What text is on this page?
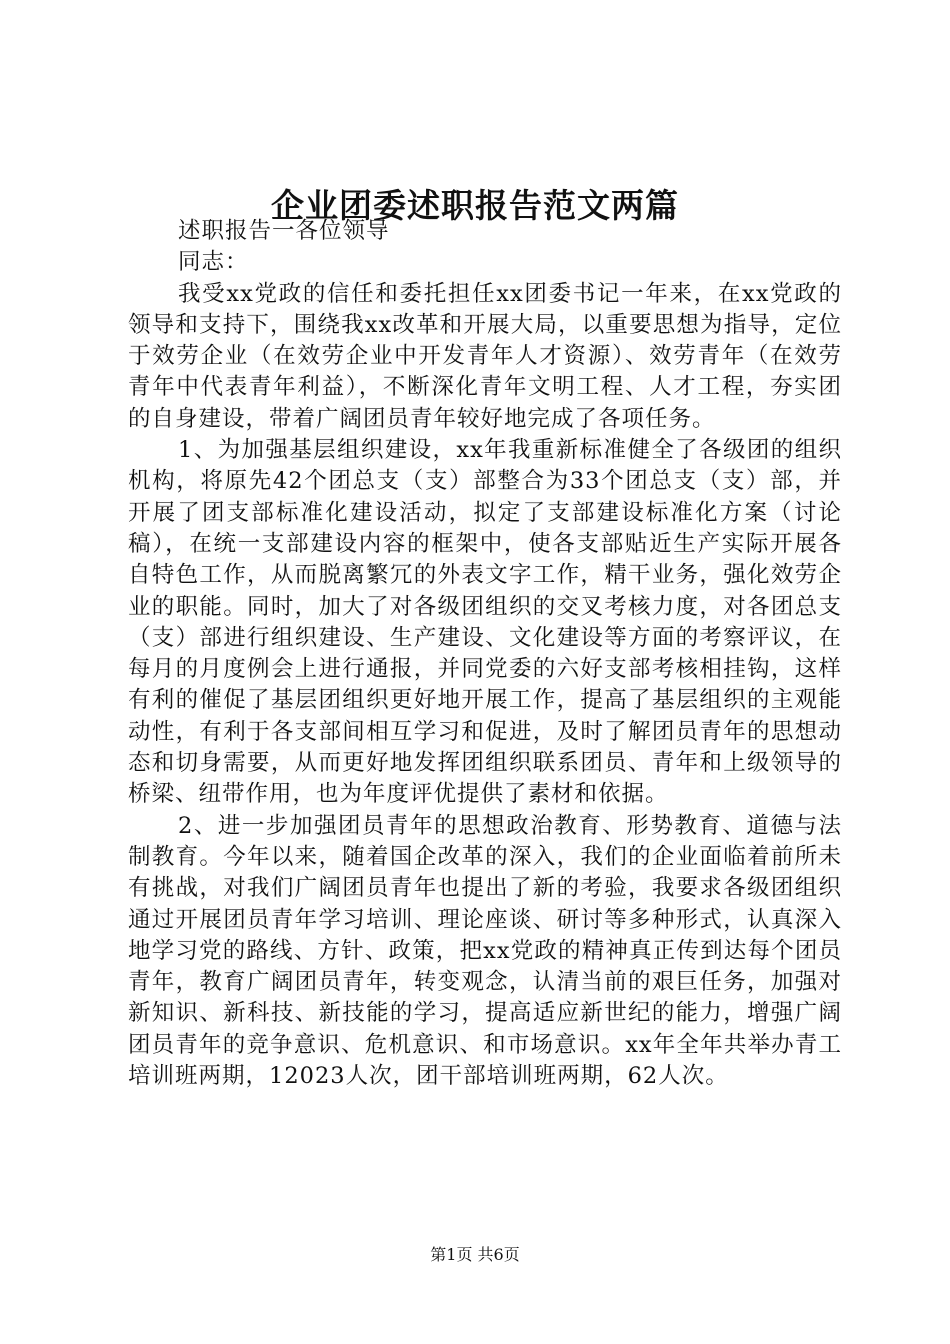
企业团委述职报告范文两篇
述职报告一各位领导
同志：

我受xx党政的信任和委托担任xx团委书记一年来，在xx党政的领导和支持下，围绕我xx改革和开展大局，以重要思想为指导，定位于效劳企业（在效劳企业中开发青年人才资源）、效劳青年（在效劳青年中代表青年利益），不断深化青年文明工程、人才工程，夯实团的自身建设，带着广阔团员青年较好地完成了各项任务。

1、为加强基层组织建设，xx年我重新标准健全了各级团的组织机构，将原先42个团总支（支）部整合为33个团总支（支）部，并开展了团支部标准化建设活动，拟定了支部建设标准化方案（讨论稿），在统一支部建设内容的框架中，使各支部贴近生产实际开展各自特色工作，从而脱离繁冗的外表文字工作，精干业务，强化效劳企业的职能。同时，加大了对各级团组织的交叉考核力度，对各团总支（支）部进行组织建设、生产建设、文化建设等方面的考察评议，在每月的月度例会上进行通报，并同党委的六好支部考核相挂钩，这样有利的催促了基层团组织更好地开展工作，提高了基层组织的主观能动性，有利于各支部间相互学习和促进，及时了解团员青年的思想动态和切身需要，从而更好地发挥团组织联系团员、青年和上级领导的桥梁、纽带作用，也为年度评优提供了素材和依据。

2、进一步加强团员青年的思想政治教育、形势教育、道德与法制教育。今年以来，随着国企改革的深入，我们的企业面临着前所未有挑战，对我们广阔团员青年也提出了新的考验，我要求各级团组织通过开展团员青年学习培训、理论座谈、研讨等多种形式，认真深入地学习党的路线、方针、政策，把xx党政的精神真正传到达每个团员青年，教育广阔团员青年，转变观念，认清当前的艰巨任务，加强对新知识、新科技、新技能的学习，提高适应新世纪的能力，增强广阔团员青年的竞争意识、危机意识、和市场意识。xx年全年共举办青工培训班两期，12023人次，团干部培训班两期，62人次。

第1页 共6页
